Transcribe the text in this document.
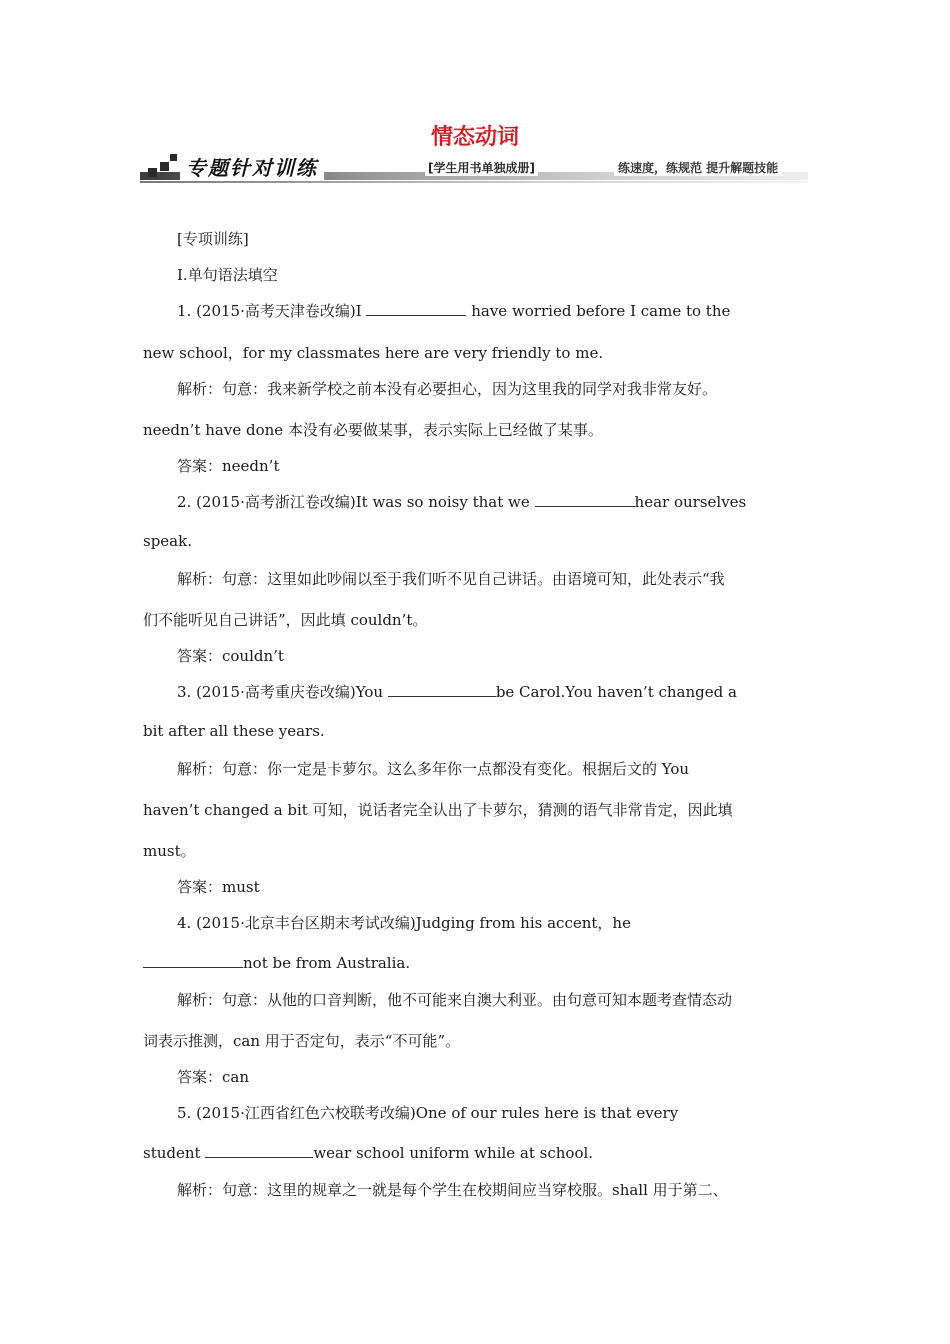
情态动词
专题针对训练	[学生用书单独成册]	练速度，练规范 提升解题技能
[专项训练]
Ⅰ.单句语法填空
1. (2015·高考天津卷改编)I	have worried before I came to the
new school，for my classmates here are very friendly to me.
解析：句意：我来新学校之前本没有必要担心，因为这里我的同学对我非常友好。
needn’t have done 本没有必要做某事，表示实际上已经做了某事。
答案：needn’t
2. (2015·高考浙江卷改编)It was so noisy that we	hear ourselves
speak.
解析：句意：这里如此吵闹以至于我们听不见自己讲话。由语境可知，此处表示“我
们不能听见自己讲话”，因此填 couldn’t。
答案：couldn’t
3. (2015·高考重庆卷改编)You	be Carol.You haven’t changed a
bit after all these years.
解析：句意：你一定是卡萝尔。这么多年你一点都没有变化。根据后文的 You
haven’t changed a bit 可知，说话者完全认出了卡萝尔，猜测的语气非常肯定，因此填
must。
答案：must
4. (2015·北京丰台区期末考试改编)Judging from his accent，he
not be from Australia.
解析：句意：从他的口音判断，他不可能来自澳大利亚。由句意可知本题考查情态动
词表示推测，can 用于否定句，表示“不可能”。
答案：can
5. (2015·江西省红色六校联考改编)One of our rules here is that every
student	wear school uniform while at school.
解析：句意：这里的规章之一就是每个学生在校期间应当穿校服。shall 用于第二、
